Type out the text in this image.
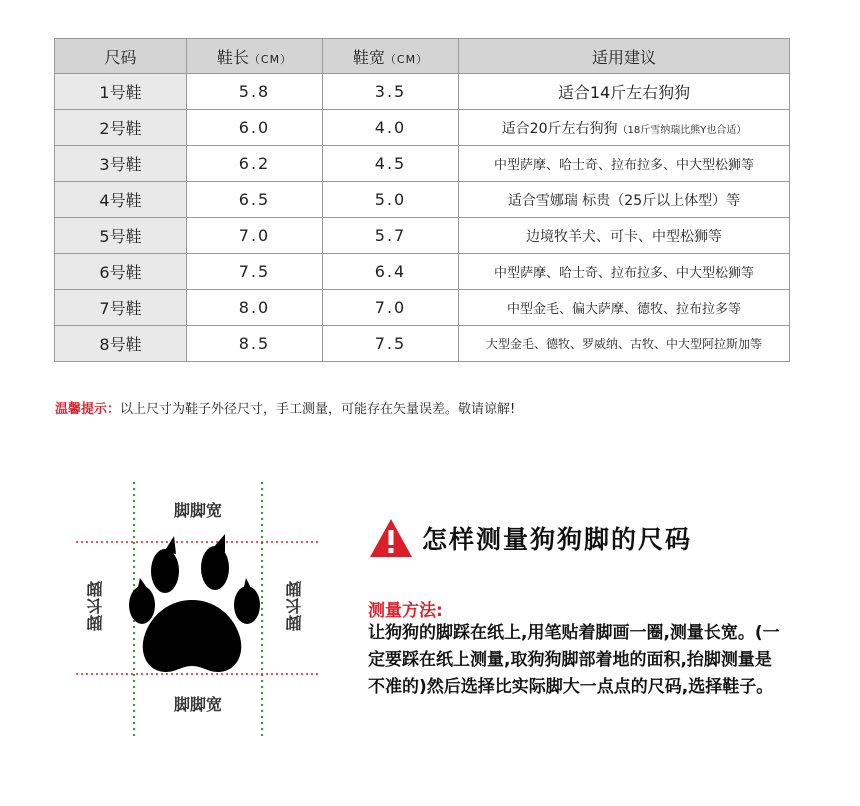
尺码	鞋长（CM）	鞋宽（CM）	适用建议
1号鞋	5.8	3.5	适合14斤左右狗狗
2号鞋	6.0	4.0	适合20斤左右狗狗（18斤雪纳瑞比熊Y也合适）
3号鞋	6.2	4.5	中型萨摩、哈士奇、拉布拉多、中大型松狮等
4号鞋	6.5	5.0	适合雪娜瑞 标贵（25斤以上体型）等
5号鞋	7.0	5.7	边境牧羊犬、可卡、中型松狮等
6号鞋	7.5	6.4	中型萨摩、哈士奇、拉布拉多、中大型松狮等
7号鞋	8.0	7.0	中型金毛、偏大萨摩、德牧、拉布拉多等
8号鞋	8.5	7.5	大型金毛、德牧、罗威纳、古牧、中大型阿拉斯加等
温馨提示：以上尺寸为鞋子外径尺寸，手工测量，可能存在矢量误差。敬请谅解!
脚脚宽
脚脚宽
脚长脚	脚长脚
怎样测量狗狗脚的尺码
测量方法:
让狗狗的脚踩在纸上,用笔贴着脚画一圈,测量长宽。(一定要踩在纸上测量,取狗狗脚部着地的面积,抬脚测量是不准的)然后选择比实际脚大一点点的尺码,选择鞋子。
